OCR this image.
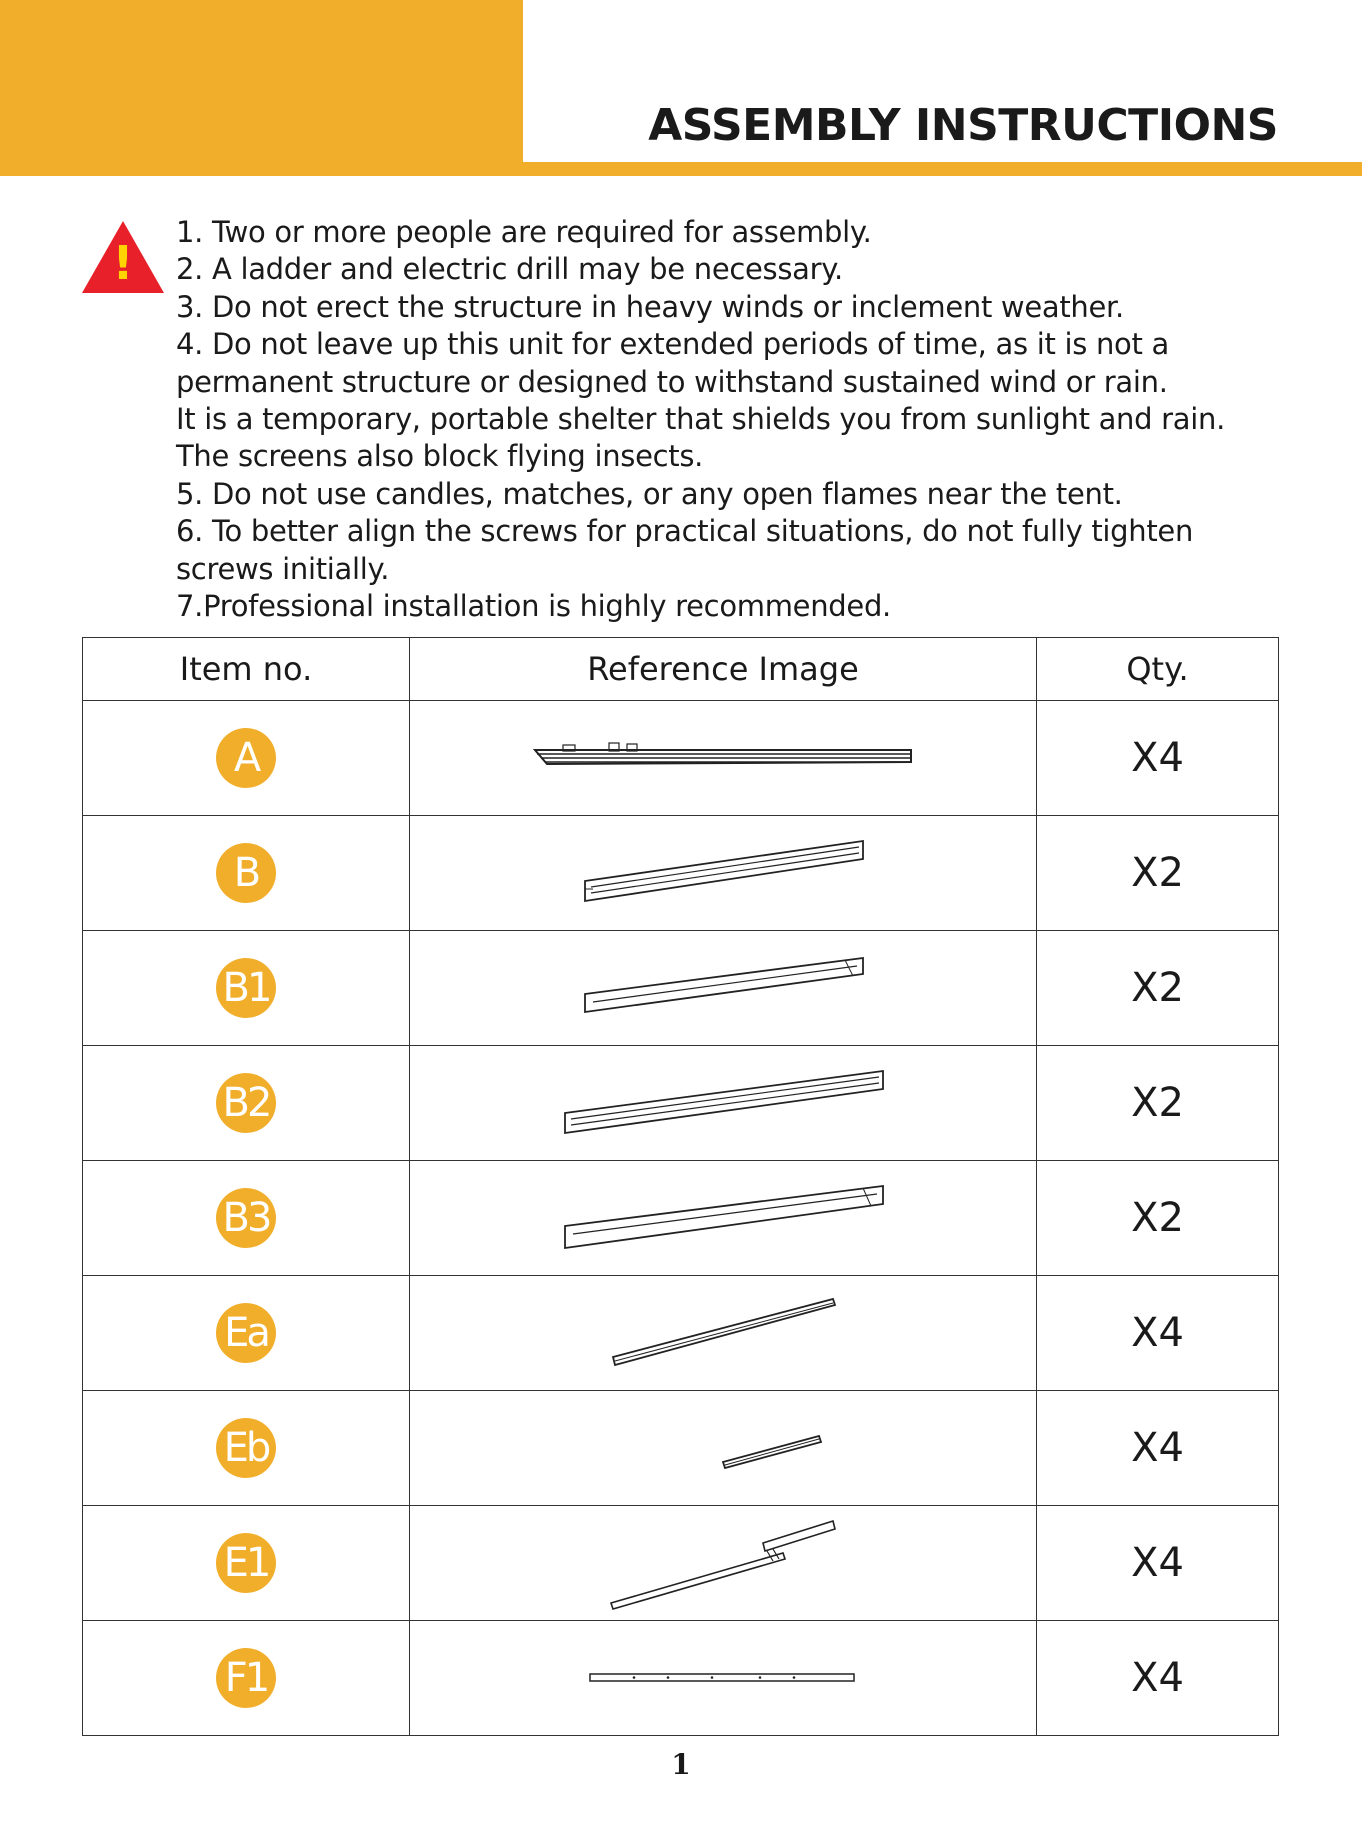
ASSEMBLY INSTRUCTIONS
!
1. Two or more people are required for assembly.
2. A ladder and electric drill may be necessary.
3. Do not erect the structure in heavy winds or inclement weather.
4. Do not leave up this unit for extended periods of time, as it is not a
permanent structure or designed to withstand sustained wind or rain.
It is a temporary, portable shelter that shields you from sunlight and rain.
The screens also block flying insects.
5. Do not use candles, matches, or any open flames near the tent.
6. To better align the screws for practical situations, do not fully tighten
screws initially.
7.Professional installation is highly recommended.
Item no.	Reference Image	Qty.

A		X4

B		X2

B1		X2

B2		X2

B3		X2

Ea		X4

Eb		X4

E1		X4

F1		X4
1
